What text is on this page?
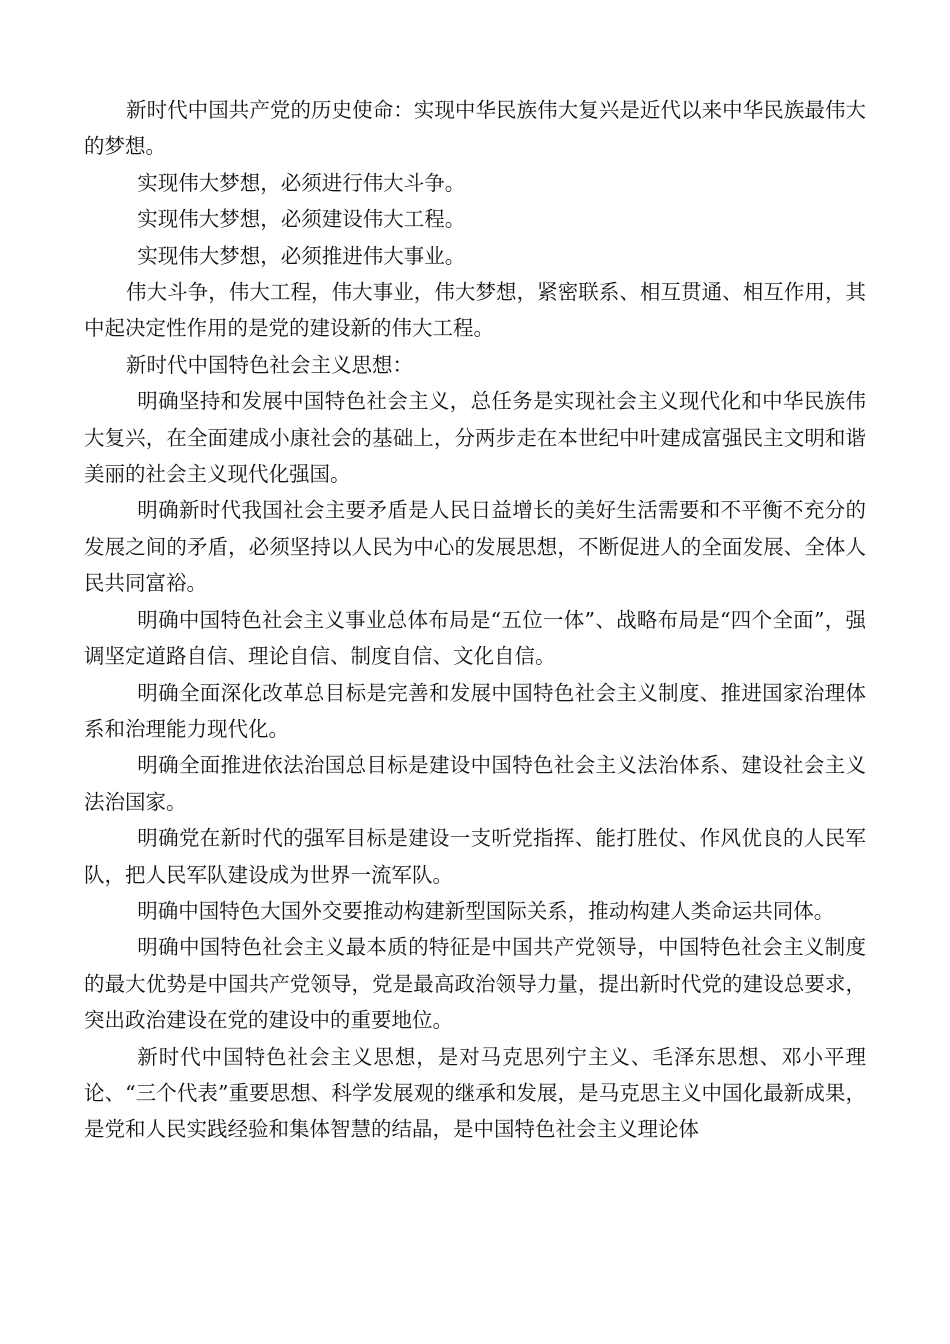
新时代中国共产党的历史使命：实现中华民族伟大复兴是近代以来中华民族最伟大的梦想。

实现伟大梦想，必须进行伟大斗争。

实现伟大梦想，必须建设伟大工程。

实现伟大梦想，必须推进伟大事业。

伟大斗争，伟大工程，伟大事业，伟大梦想，紧密联系、相互贯通、相互作用，其中起决定性作用的是党的建设新的伟大工程。

新时代中国特色社会主义思想：

明确坚持和发展中国特色社会主义，总任务是实现社会主义现代化和中华民族伟大复兴，在全面建成小康社会的基础上，分两步走在本世纪中叶建成富强民主文明和谐美丽的社会主义现代化强国。

明确新时代我国社会主要矛盾是人民日益增长的美好生活需要和不平衡不充分的发展之间的矛盾，必须坚持以人民为中心的发展思想，不断促进人的全面发展、全体人民共同富裕。

明确中国特色社会主义事业总体布局是“五位一体”、战略布局是“四个全面”，强调坚定道路自信、理论自信、制度自信、文化自信。

明确全面深化改革总目标是完善和发展中国特色社会主义制度、推进国家治理体系和治理能力现代化。

明确全面推进依法治国总目标是建设中国特色社会主义法治体系、建设社会主义法治国家。

明确党在新时代的强军目标是建设一支听党指挥、能打胜仗、作风优良的人民军队，把人民军队建设成为世界一流军队。

明确中国特色大国外交要推动构建新型国际关系，推动构建人类命运共同体。

明确中国特色社会主义最本质的特征是中国共产党领导，中国特色社会主义制度的最大优势是中国共产党领导，党是最高政治领导力量，提出新时代党的建设总要求，突出政治建设在党的建设中的重要地位。

新时代中国特色社会主义思想，是对马克思列宁主义、毛泽东思想、邓小平理论、“三个代表”重要思想、科学发展观的继承和发展，是马克思主义中国化最新成果，是党和人民实践经验和集体智慧的结晶，是中国特色社会主义理论体
